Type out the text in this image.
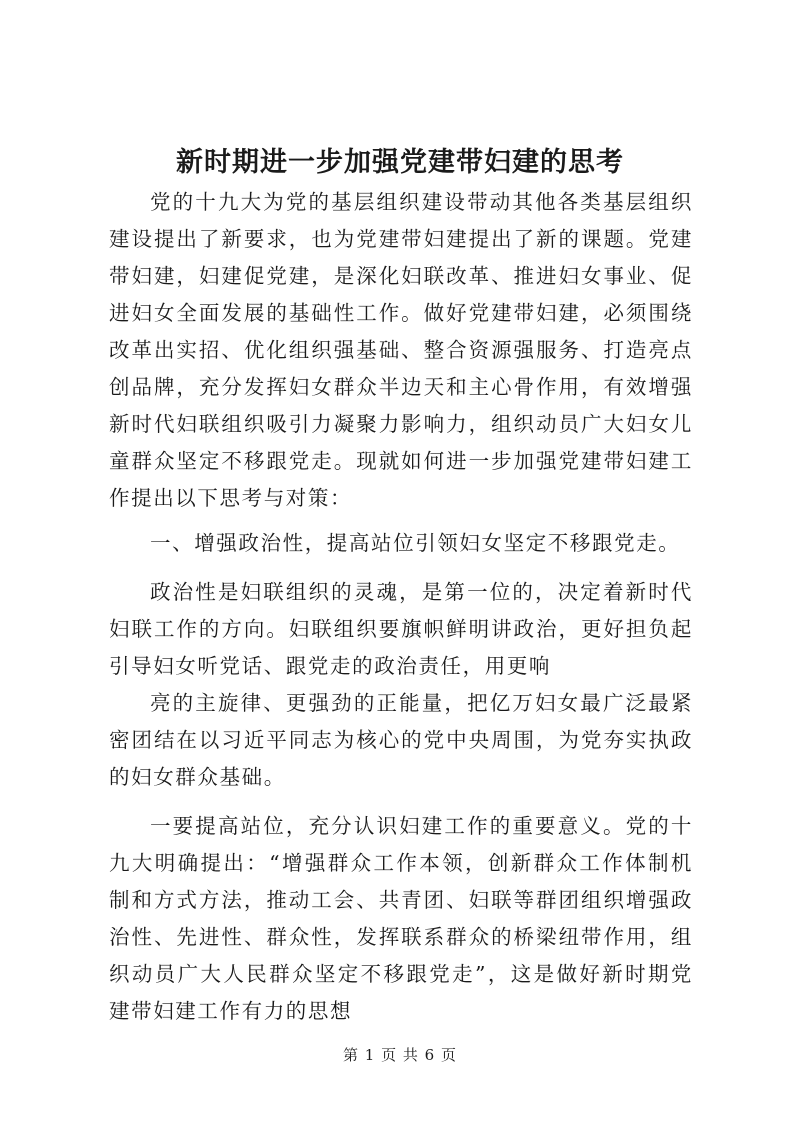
新时期进一步加强党建带妇建的思考

党的十九大为党的基层组织建设带动其他各类基层组织建设提出了新要求，也为党建带妇建提出了新的课题。党建带妇建，妇建促党建，是深化妇联改革、推进妇女事业、促进妇女全面发展的基础性工作。做好党建带妇建，必须围绕改革出实招、优化组织强基础、整合资源强服务、打造亮点创品牌，充分发挥妇女群众半边天和主心骨作用，有效增强新时代妇联组织吸引力凝聚力影响力，组织动员广大妇女儿童群众坚定不移跟党走。现就如何进一步加强党建带妇建工作提出以下思考与对策：

一、增强政治性，提高站位引领妇女坚定不移跟党走。

政治性是妇联组织的灵魂，是第一位的，决定着新时代妇联工作的方向。妇联组织要旗帜鲜明讲政治，更好担负起引导妇女听党话、跟党走的政治责任，用更响

亮的主旋律、更强劲的正能量，把亿万妇女最广泛最紧密团结在以习近平同志为核心的党中央周围，为党夯实执政的妇女群众基础。

一要提高站位，充分认识妇建工作的重要意义。党的十九大明确提出：“增强群众工作本领，创新群众工作体制机制和方式方法，推动工会、共青团、妇联等群团组织增强政治性、先进性、群众性，发挥联系群众的桥梁纽带作用，组织动员广大人民群众坚定不移跟党走”，这是做好新时期党建带妇建工作有力的思想

第 1 页 共 6 页
